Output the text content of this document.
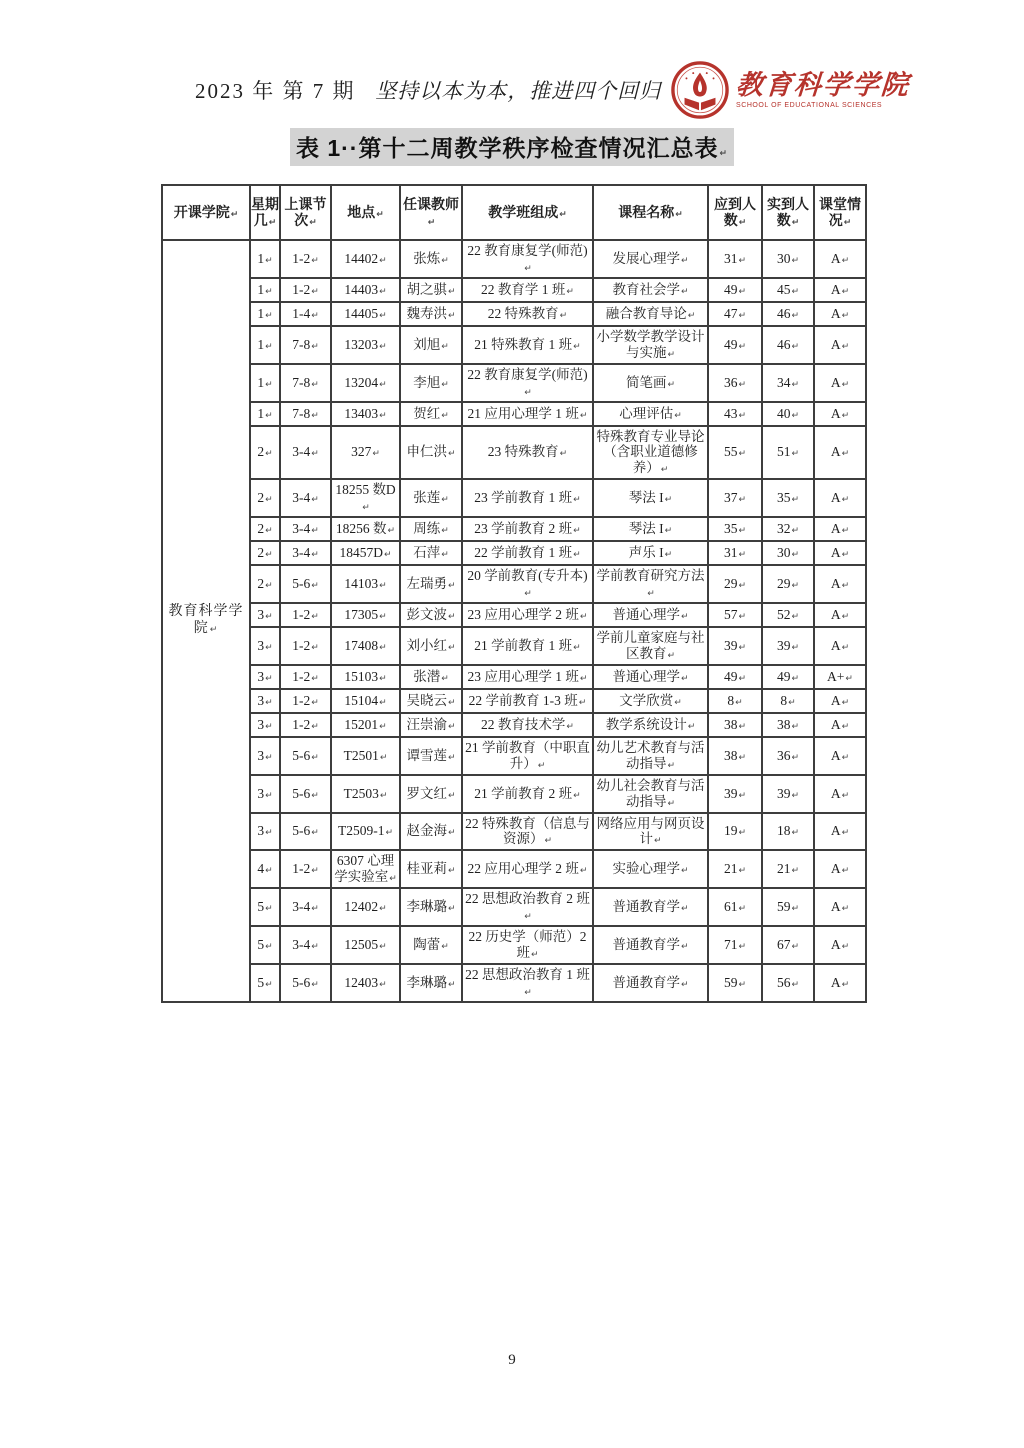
2023 年 第 7 期 坚持以本为本，推进四个回归	教育科学学院
SCHOOL OF EDUCATIONAL SCIENCES
表 1··第十二周教学秩序检查情况汇总表 ↵
开课学院 ↵	星期几 ↵	上课节次 ↵	地点 ↵	任课教师 ↵	教学班组成 ↵	课程名称 ↵	应到人数 ↵	实到人数 ↵	课堂情况 ↵
教育科学学院 ↵	1 ↵	1-2 ↵	14402 ↵	张炼 ↵	22 教育康复学(师范) ↵	发展心理学 ↵	31 ↵	30 ↵	A ↵
	1 ↵	1-2 ↵	14403 ↵	胡之骐 ↵	22 教育学 1 班 ↵	教育社会学 ↵	49 ↵	45 ↵	A ↵
	1 ↵	1-4 ↵	14405 ↵	魏寿洪 ↵	22 特殊教育 ↵	融合教育导论 ↵	47 ↵	46 ↵	A ↵
	1 ↵	7-8 ↵	13203 ↵	刘旭 ↵	21 特殊教育 1 班 ↵	小学数学教学设计与实施 ↵	49 ↵	46 ↵	A ↵
	1 ↵	7-8 ↵	13204 ↵	李旭 ↵	22 教育康复学(师范) ↵	简笔画 ↵	36 ↵	34 ↵	A ↵
	1 ↵	7-8 ↵	13403 ↵	贺红 ↵	21 应用心理学 1 班 ↵	心理评估 ↵	43 ↵	40 ↵	A ↵
	2 ↵	3-4 ↵	327 ↵	申仁洪 ↵	23 特殊教育 ↵	特殊教育专业导论（含职业道德修养） ↵	55 ↵	51 ↵	A ↵
	2 ↵	3-4 ↵	18255 数D ↵	张莲 ↵	23 学前教育 1 班 ↵	琴法 I ↵	37 ↵	35 ↵	A ↵
	2 ↵	3-4 ↵	18256 数 ↵	周练 ↵	23 学前教育 2 班 ↵	琴法 I ↵	35 ↵	32 ↵	A ↵
	2 ↵	3-4 ↵	18457D ↵	石萍 ↵	22 学前教育 1 班 ↵	声乐 I ↵	31 ↵	30 ↵	A ↵
	2 ↵	5-6 ↵	14103 ↵	左瑞勇 ↵	20 学前教育(专升本) ↵	学前教育研究方法 ↵	29 ↵	29 ↵	A ↵
	3 ↵	1-2 ↵	17305 ↵	彭文波 ↵	23 应用心理学 2 班 ↵	普通心理学 ↵	57 ↵	52 ↵	A ↵
	3 ↵	1-2 ↵	17408 ↵	刘小红 ↵	21 学前教育 1 班 ↵	学前儿童家庭与社区教育 ↵	39 ↵	39 ↵	A ↵
	3 ↵	1-2 ↵	15103 ↵	张潜 ↵	23 应用心理学 1 班 ↵	普通心理学 ↵	49 ↵	49 ↵	A+ ↵
	3 ↵	1-2 ↵	15104 ↵	吴晓云 ↵	22 学前教育 1-3 班 ↵	文学欣赏 ↵	8 ↵	8 ↵	A ↵
	3 ↵	1-2 ↵	15201 ↵	汪崇渝 ↵	22 教育技术学 ↵	教学系统设计 ↵	38 ↵	38 ↵	A ↵
	3 ↵	5-6 ↵	T2501 ↵	谭雪莲 ↵	21 学前教育（中职直升） ↵	幼儿艺术教育与活动指导 ↵	38 ↵	36 ↵	A ↵
	3 ↵	5-6 ↵	T2503 ↵	罗文红 ↵	21 学前教育 2 班 ↵	幼儿社会教育与活动指导 ↵	39 ↵	39 ↵	A ↵
	3 ↵	5-6 ↵	T2509-1 ↵	赵金海 ↵	22 特殊教育（信息与资源） ↵	网络应用与网页设计 ↵	19 ↵	18 ↵	A ↵
	4 ↵	1-2 ↵	6307 心理学实验室 ↵	桂亚莉 ↵	22 应用心理学 2 班 ↵	实验心理学 ↵	21 ↵	21 ↵	A ↵
	5 ↵	3-4 ↵	12402 ↵	李琳璐 ↵	22 思想政治教育 2 班 ↵	普通教育学 ↵	61 ↵	59 ↵	A ↵
	5 ↵	3-4 ↵	12505 ↵	陶蕾 ↵	22 历史学（师范）2 班 ↵	普通教育学 ↵	71 ↵	67 ↵	A ↵
	5 ↵	5-6 ↵	12403 ↵	李琳璐 ↵	22 思想政治教育 1 班 ↵	普通教育学 ↵	59 ↵	56 ↵	A ↵
9
